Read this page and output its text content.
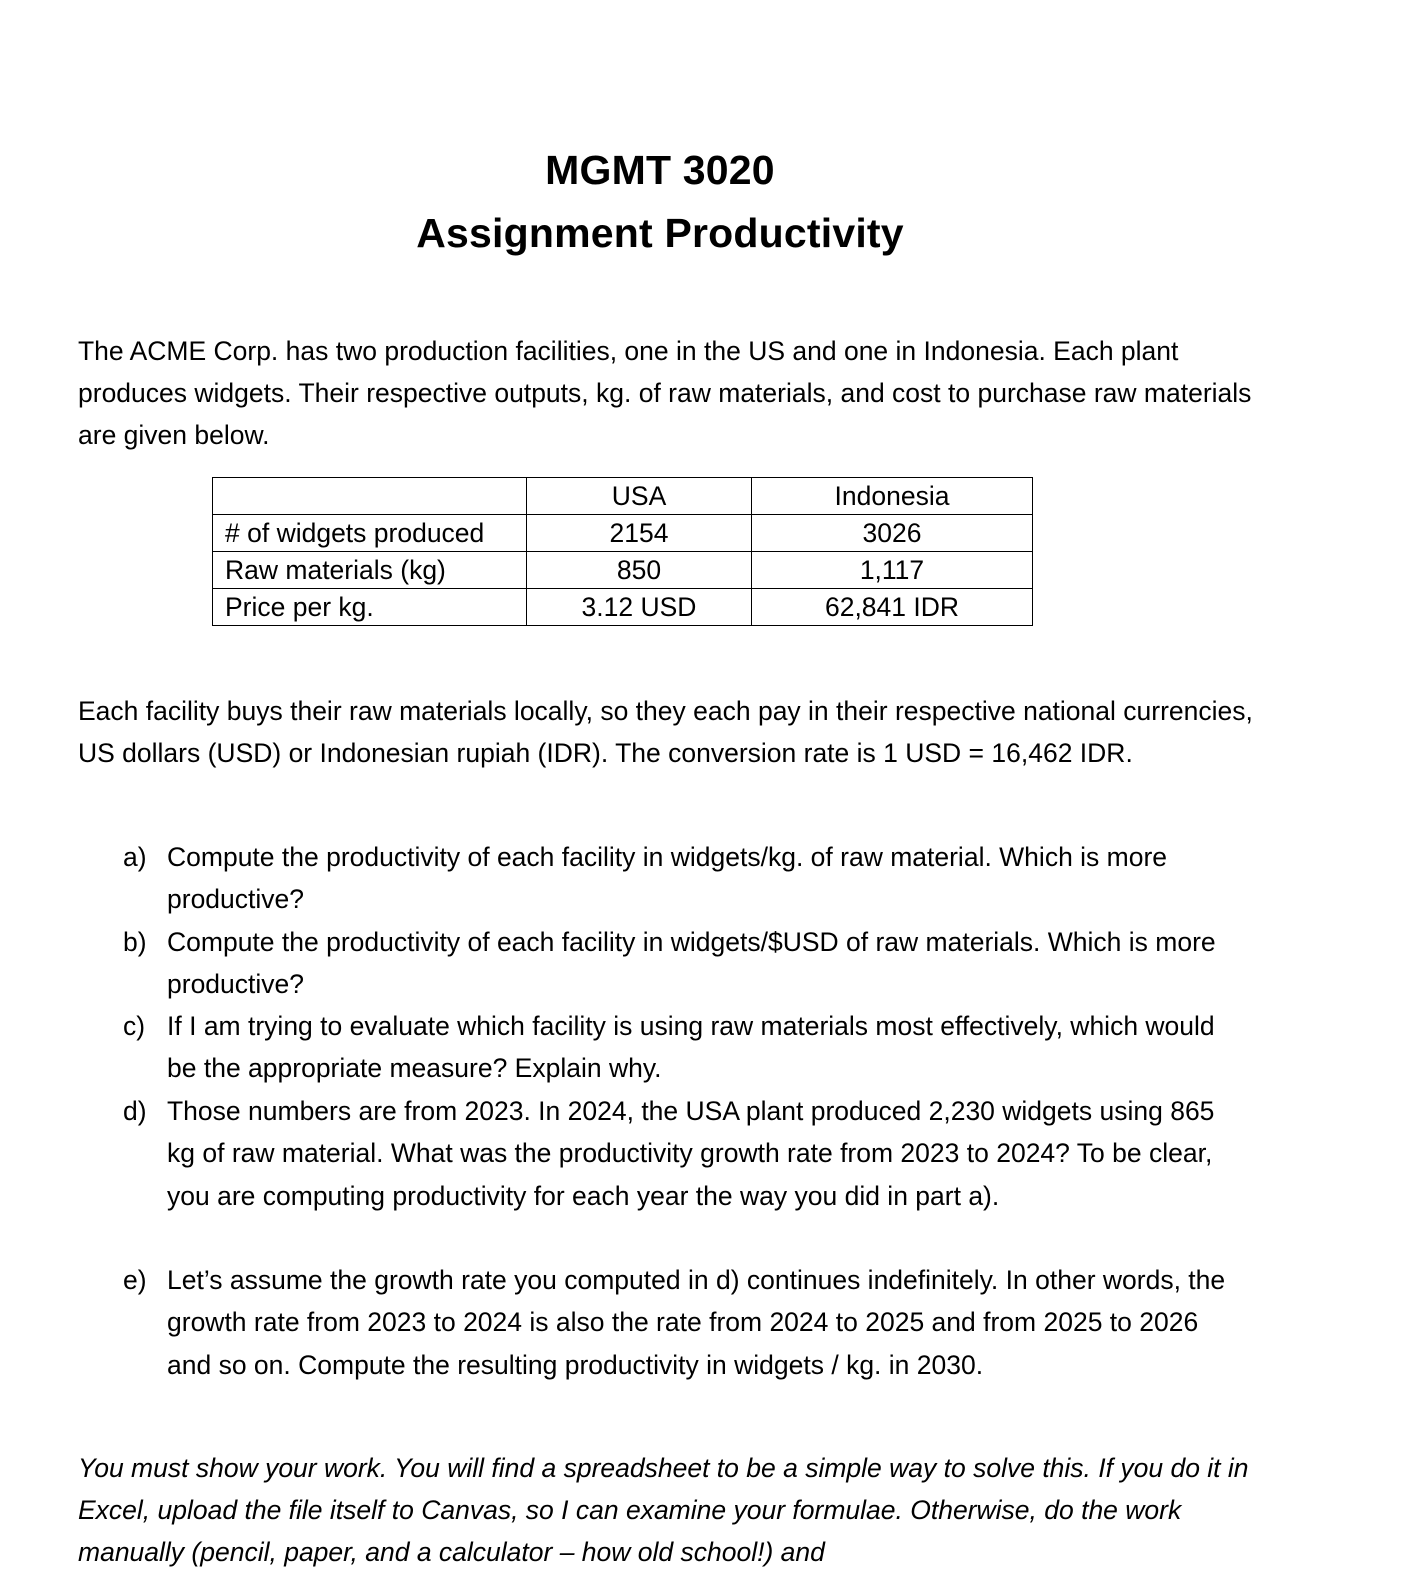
MGMT 3020
Assignment Productivity

The ACME Corp. has two production facilities, one in the US and one in Indonesia. Each plant produces widgets. Their respective outputs, kg. of raw materials, and cost to purchase raw materials are given below.

	USA	Indonesia
# of widgets produced	2154	3026
Raw materials (kg)	850	1,117
Price per kg.	3.12 USD	62,841 IDR

Each facility buys their raw materials locally, so they each pay in their respective national currencies, US dollars (USD) or Indonesian rupiah (IDR). The conversion rate is 1 USD = 16,462 IDR.

a) Compute the productivity of each facility in widgets/kg. of raw material. Which is more productive?

b) Compute the productivity of each facility in widgets/$USD of raw materials. Which is more productive?

c) If I am trying to evaluate which facility is using raw materials most effectively, which would be the appropriate measure? Explain why.

d) Those numbers are from 2023. In 2024, the USA plant produced 2,230 widgets using 865 kg of raw material. What was the productivity growth rate from 2023 to 2024? To be clear, you are computing productivity for each year the way you did in part a).

e) Let’s assume the growth rate you computed in d) continues indefinitely. In other words, the growth rate from 2023 to 2024 is also the rate from 2024 to 2025 and from 2025 to 2026 and so on. Compute the resulting productivity in widgets / kg. in 2030.

You must show your work. You will find a spreadsheet to be a simple way to solve this. If you do it in Excel, upload the file itself to Canvas, so I can examine your formulae. Otherwise, do the work manually (pencil, paper, and a calculator – how old school!) and
